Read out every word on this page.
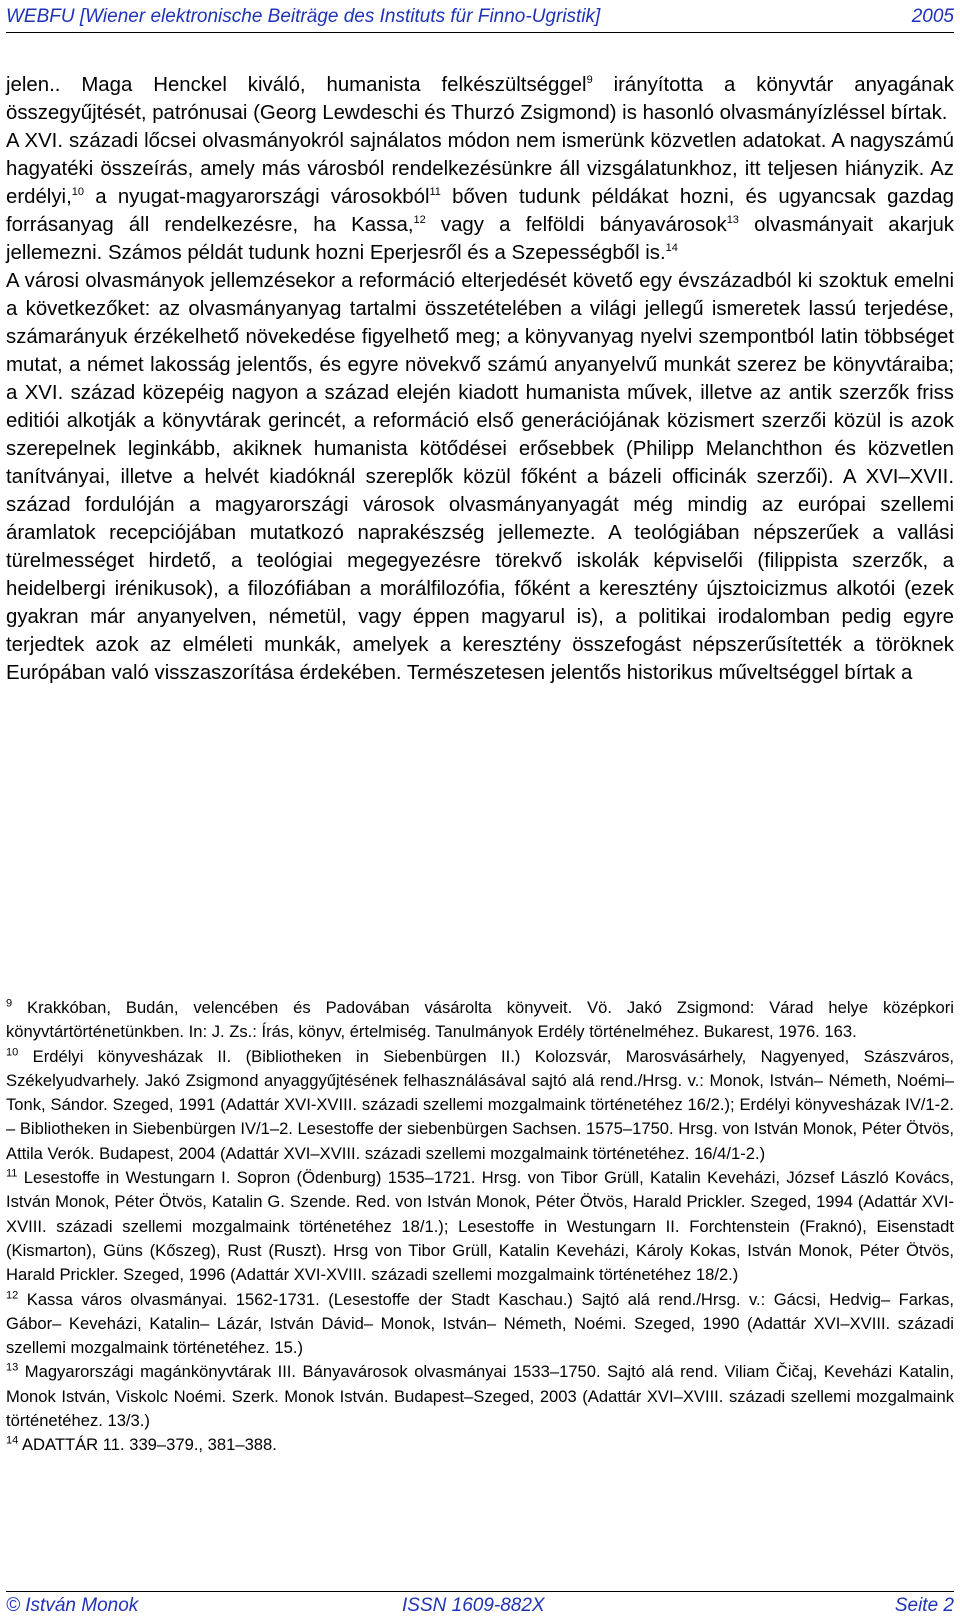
WEBFU [Wiener elektronische Beiträge des Instituts für Finno-Ugristik]	2005

jelen.. Maga Henckel kiváló, humanista felkészültséggel$^9$ irányította a könyvtár anyagának összegyűjtését, patrónusai (Georg Lewdeschi és Thurzó Zsigmond) is hasonló olvasmányízléssel bírtak.

A XVI. századi lőcsei olvasmányokról sajnálatos módon nem ismerünk közvetlen adatokat. A nagyszámú hagyatéki összeírás, amely más városból rendelkezésünkre áll vizsgálatunkhoz, itt teljesen hiányzik. Az erdélyi,$^{10}$ a nyugat-magyarországi városokból$^{11}$ bőven tudunk példákat hozni, és ugyancsak gazdag forrásanyag áll rendelkezésre, ha Kassa,$^{12}$ vagy a felföldi bányavárosok$^{13}$ olvasmányait akarjuk jellemezni. Számos példát tudunk hozni Eperjesről és a Szepességből is.$^{14}$

A városi olvasmányok jellemzésekor a reformáció elterjedését követő egy évszázadból ki szoktuk emelni a következőket: az olvasmányanyag tartalmi összetételében a világi jellegű ismeretek lassú terjedése, számarányuk érzékelhető növekedése figyelhető meg; a könyvanyag nyelvi szempontból latin többséget mutat, a német lakosság jelentős, és egyre növekvő számú anyanyelvű munkát szerez be könyvtáraiba; a XVI. század közepéig nagyon a század elején kiadott humanista művek, illetve az antik szerzők friss editiói alkotják a könyvtárak gerincét, a reformáció első generációjának közismert szerzői közül is azok szerepelnek leginkább, akiknek humanista kötődései erősebbek (Philipp Melanchthon és közvetlen tanítványai, illetve a helvét kiadóknál szereplők közül főként a bázeli officinák szerzői). A XVI–XVII. század fordulóján a magyarországi városok olvasmányanyagát még mindig az európai szellemi áramlatok recepciójában mutatkozó naprakészség jellemezte. A teológiában népszerűek a vallási türelmességet hirdető, a teológiai megegyezésre törekvő iskolák képviselői (filippista szerzők, a heidelbergi irénikusok), a filozófiában a morálfilozófia, főként a keresztény újsztoicizmus alkotói (ezek gyakran már anyanyelven, németül, vagy éppen magyarul is), a politikai irodalomban pedig egyre terjedtek azok az elméleti munkák, amelyek a keresztény összefogást népszerűsítették a töröknek Európában való visszaszorítása érdekében. Természetesen jelentős historikus műveltséggel bírtak a

$^9$ Krakkóban, Budán, velencében és Padovában vásárolta könyveit. Vö. Jakó Zsigmond: Várad helye középkori könyvtártörténetünkben. In: J. Zs.: Írás, könyv, értelmiség. Tanulmányok Erdély történelméhez. Bukarest, 1976. 163.

$^{10}$ Erdélyi könyvesházak II. (Bibliotheken in Siebenbürgen II.) Kolozsvár, Marosvásárhely, Nagyenyed, Szászváros, Székelyudvarhely. Jakó Zsigmond anyaggyűjtésének felhasználásával sajtó alá rend./Hrsg. v.: Monok, István– Németh, Noémi– Tonk, Sándor. Szeged, 1991 (Adattár XVI-XVIII. századi szellemi mozgalmaink történetéhez 16/2.); Erdélyi könyvesházak IV/1-2. – Bibliotheken in Siebenbürgen IV/1–2. Lesestoffe der siebenbürgen Sachsen. 1575–1750. Hrsg. von István Monok, Péter Ötvös, Attila Verók. Budapest, 2004 (Adattár XVI–XVIII. századi szellemi mozgalmaink történetéhez. 16/4/1-2.)

$^{11}$ Lesestoffe in Westungarn I. Sopron (Ödenburg) 1535–1721. Hrsg. von Tibor Grüll, Katalin Keveházi, József László Kovács, István Monok, Péter Ötvös, Katalin G. Szende. Red. von István Monok, Péter Ötvös, Harald Prickler. Szeged, 1994 (Adattár XVI-XVIII. századi szellemi mozgalmaink történetéhez 18/1.); Lesestoffe in Westungarn II. Forchtenstein (Fraknó), Eisenstadt (Kismarton), Güns (Kőszeg), Rust (Ruszt). Hrsg von Tibor Grüll, Katalin Keveházi, Károly Kokas, István Monok, Péter Ötvös, Harald Prickler. Szeged, 1996 (Adattár XVI-XVIII. századi szellemi mozgalmaink történetéhez 18/2.)

$^{12}$ Kassa város olvasmányai. 1562-1731. (Lesestoffe der Stadt Kaschau.) Sajtó alá rend./Hrsg. v.: Gácsi, Hedvig– Farkas, Gábor– Keveházi, Katalin– Lázár, István Dávid– Monok, István– Németh, Noémi. Szeged, 1990 (Adattár XVI–XVIII. századi szellemi mozgalmaink történetéhez. 15.)

$^{13}$ Magyarországi magánkönyvtárak III. Bányavárosok olvasmányai 1533–1750. Sajtó alá rend. Viliam Čičaj, Keveházi Katalin, Monok István, Viskolc Noémi. Szerk. Monok István. Budapest–Szeged, 2003 (Adattár XVI–XVIII. századi szellemi mozgalmaink történetéhez. 13/3.)

$^{14}$ ADATTÁR 11. 339–379., 381–388.

© István Monok	ISSN 1609-882X	Seite 2
